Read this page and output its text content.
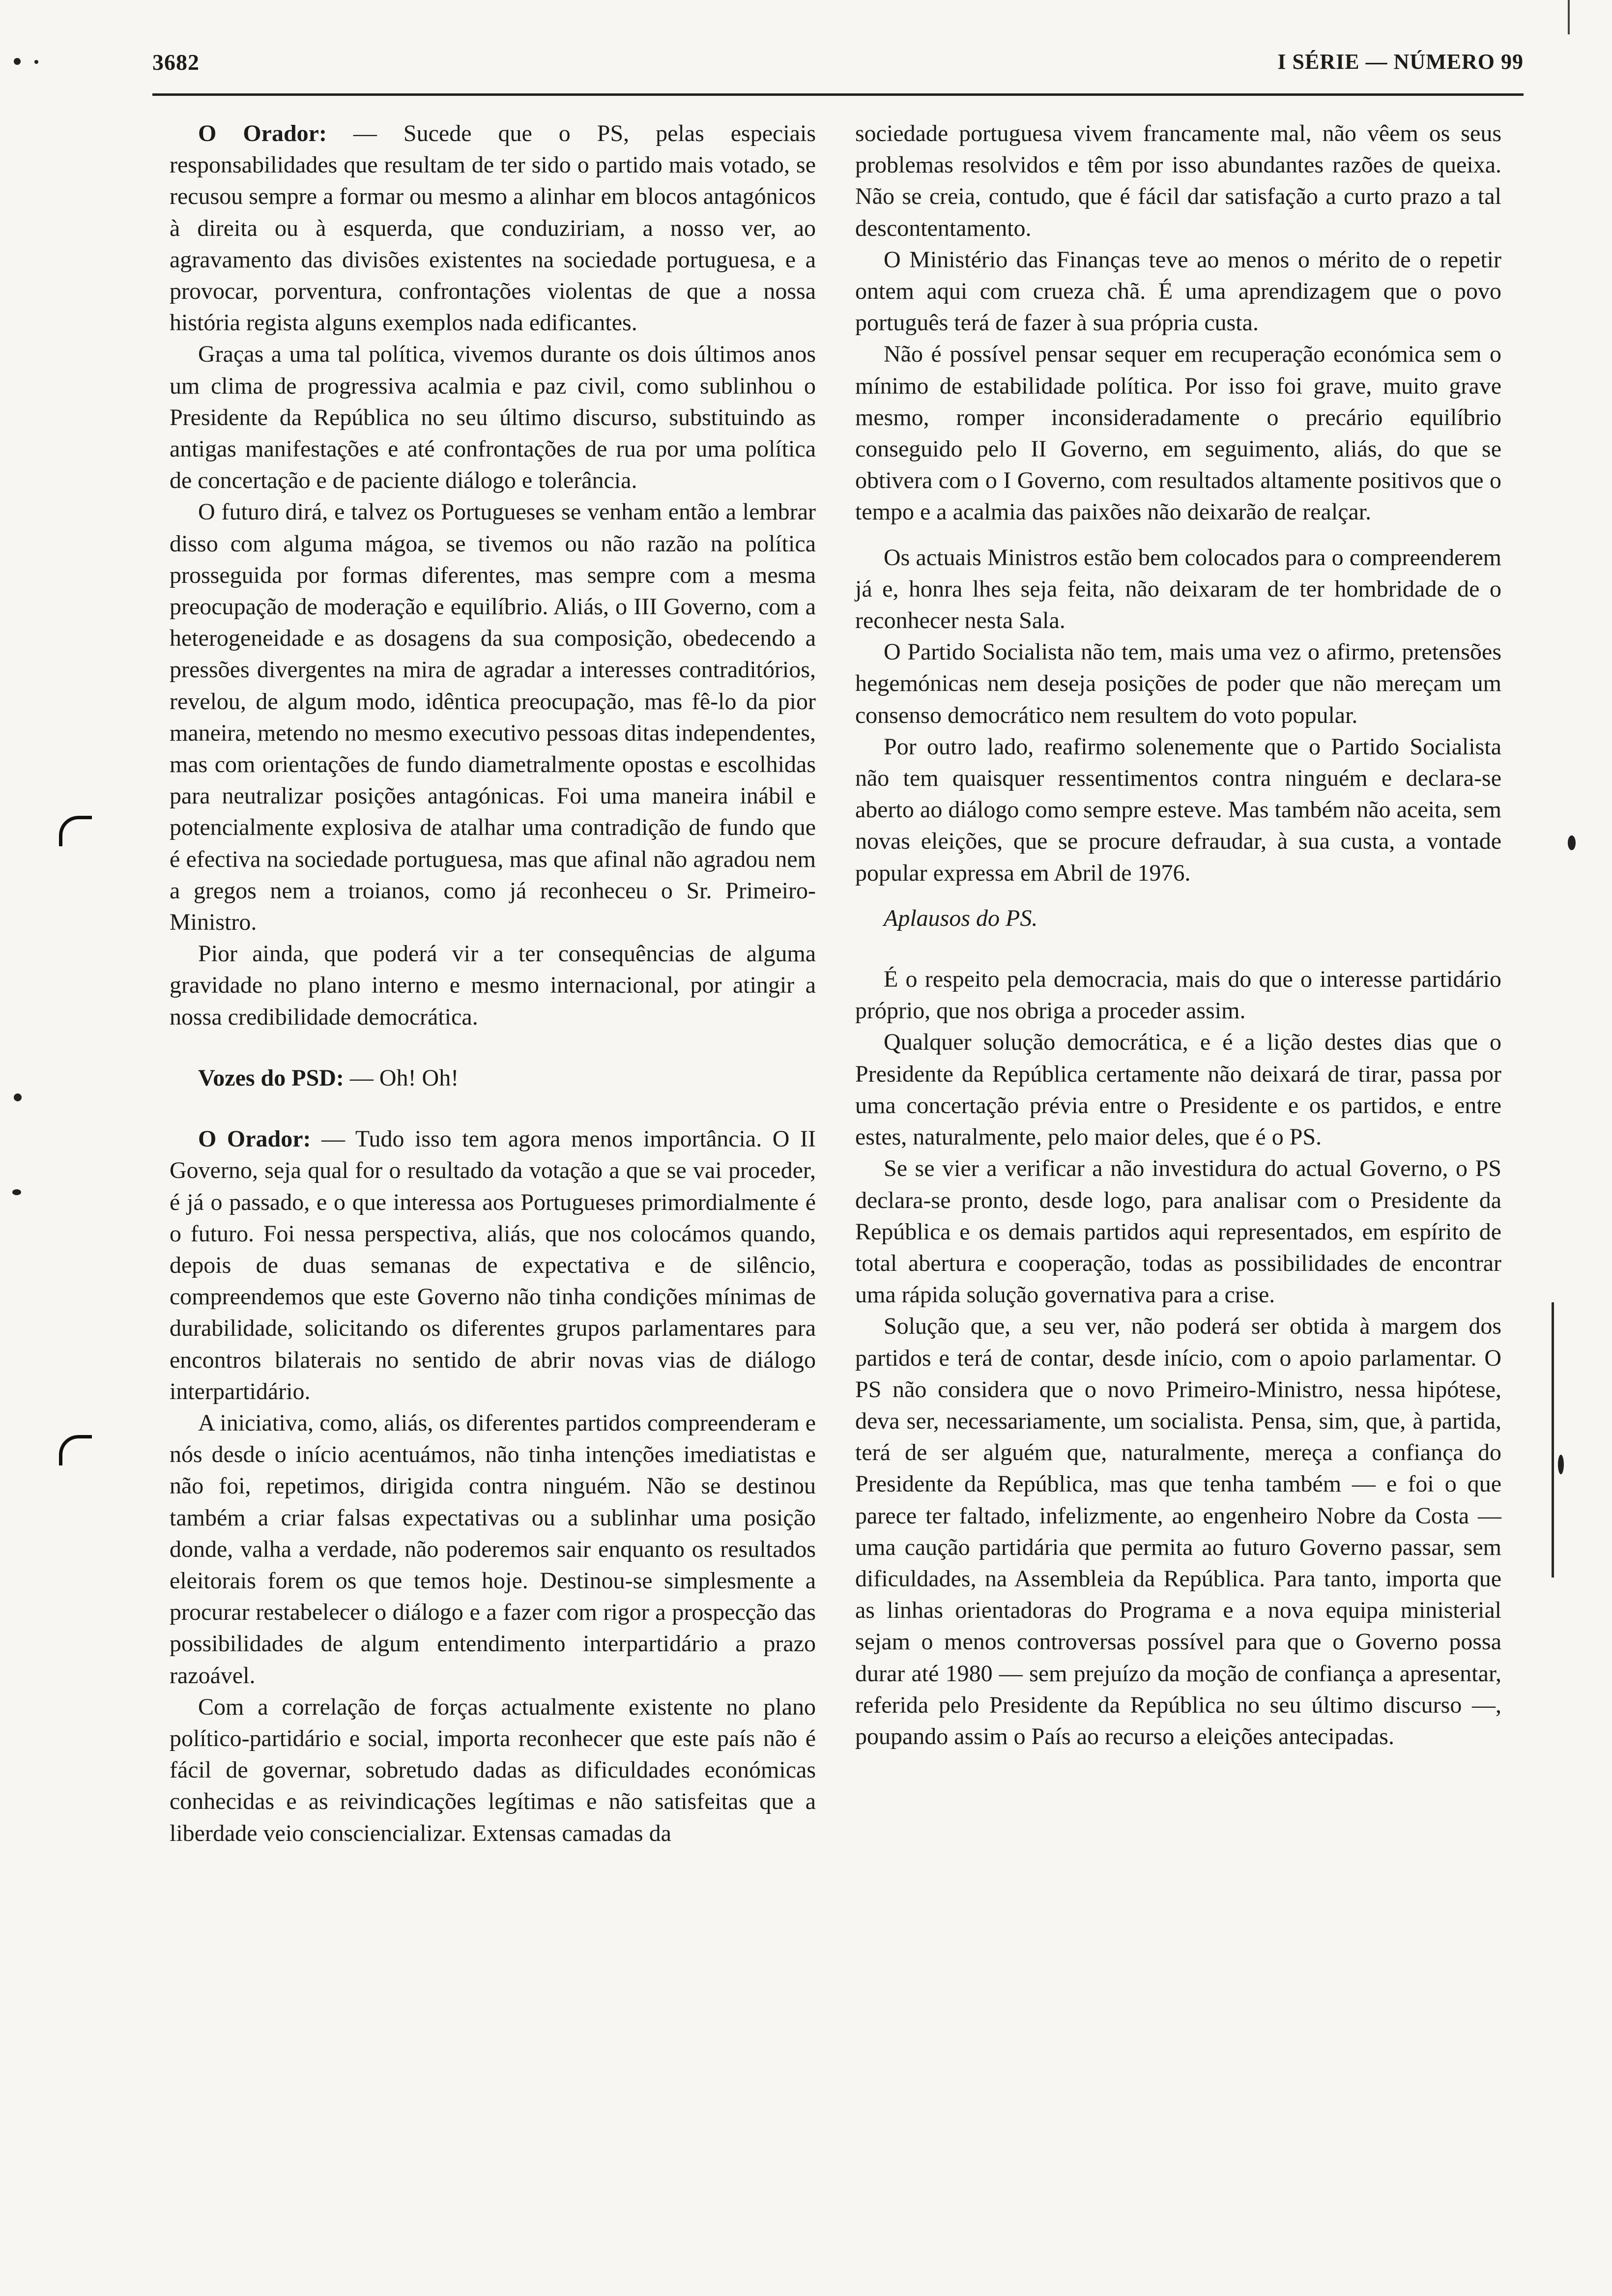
3682	I SÉRIE — NÚMERO 99

O Orador: — Sucede que o PS, pelas especiais responsabilidades que resultam de ter sido o partido mais votado, se recusou sempre a formar ou mesmo a alinhar em blocos antagónicos à direita ou à esquerda, que conduziriam, a nosso ver, ao agravamento das divisões existentes na sociedade portuguesa, e a provocar, porventura, confrontações violentas de que a nossa história regista alguns exemplos nada edificantes.

Graças a uma tal política, vivemos durante os dois últimos anos um clima de progressiva acalmia e paz civil, como sublinhou o Presidente da República no seu último discurso, substituindo as antigas manifestações e até confrontações de rua por uma política de concertação e de paciente diálogo e tolerância.

O futuro dirá, e talvez os Portugueses se venham então a lembrar disso com alguma mágoa, se tivemos ou não razão na política prosseguida por formas diferentes, mas sempre com a mesma preocupação de moderação e equilíbrio. Aliás, o III Governo, com a heterogeneidade e as dosagens da sua composição, obedecendo a pressões divergentes na mira de agradar a interesses contraditórios, revelou, de algum modo, idêntica preocupação, mas fê-lo da pior maneira, metendo no mesmo executivo pessoas ditas independentes, mas com orientações de fundo diametralmente opostas e escolhidas para neutralizar posições antagónicas. Foi uma maneira inábil e potencialmente explosiva de atalhar uma contradição de fundo que é efectiva na sociedade portuguesa, mas que afinal não agradou nem a gregos nem a troianos, como já reconheceu o Sr. Primeiro-Ministro.

Pior ainda, que poderá vir a ter consequências de alguma gravidade no plano interno e mesmo internacional, por atingir a nossa credibilidade democrática.

Vozes do PSD: — Oh! Oh!

O Orador: — Tudo isso tem agora menos importância. O II Governo, seja qual for o resultado da votação a que se vai proceder, é já o passado, e o que interessa aos Portugueses primordialmente é o futuro. Foi nessa perspectiva, aliás, que nos colocámos quando, depois de duas semanas de expectativa e de silêncio, compreendemos que este Governo não tinha condições mínimas de durabilidade, solicitando os diferentes grupos parlamentares para encontros bilaterais no sentido de abrir novas vias de diálogo interpartidário.

A iniciativa, como, aliás, os diferentes partidos compreenderam e nós desde o início acentuámos, não tinha intenções imediatistas e não foi, repetimos, dirigida contra ninguém. Não se destinou também a criar falsas expectativas ou a sublinhar uma posição donde, valha a verdade, não poderemos sair enquanto os resultados eleitorais forem os que temos hoje. Destinou-se simplesmente a procurar restabelecer o diálogo e a fazer com rigor a prospecção das possibilidades de algum entendimento interpartidário a prazo razoável.

Com a correlação de forças actualmente existente no plano político-partidário e social, importa reconhecer que este país não é fácil de governar, sobretudo dadas as dificuldades económicas conhecidas e as reivindicações legítimas e não satisfeitas que a liberdade veio consciencializar. Extensas camadas da

sociedade portuguesa vivem francamente mal, não vêem os seus problemas resolvidos e têm por isso abundantes razões de queixa. Não se creia, contudo, que é fácil dar satisfação a curto prazo a tal descontentamento.

O Ministério das Finanças teve ao menos o mérito de o repetir ontem aqui com crueza chã. É uma aprendizagem que o povo português terá de fazer à sua própria custa.

Não é possível pensar sequer em recuperação económica sem o mínimo de estabilidade política. Por isso foi grave, muito grave mesmo, romper inconsideradamente o precário equilíbrio conseguido pelo II Governo, em seguimento, aliás, do que se obtivera com o I Governo, com resultados altamente positivos que o tempo e a acalmia das paixões não deixarão de realçar.

Os actuais Ministros estão bem colocados para o compreenderem já e, honra lhes seja feita, não deixaram de ter hombridade de o reconhecer nesta Sala.

O Partido Socialista não tem, mais uma vez o afirmo, pretensões hegemónicas nem deseja posições de poder que não mereçam um consenso democrático nem resultem do voto popular.

Por outro lado, reafirmo solenemente que o Partido Socialista não tem quaisquer ressentimentos contra ninguém e declara-se aberto ao diálogo como sempre esteve. Mas também não aceita, sem novas eleições, que se procure defraudar, à sua custa, a vontade popular expressa em Abril de 1976.

Aplausos do PS.

É o respeito pela democracia, mais do que o interesse partidário próprio, que nos obriga a proceder assim.

Qualquer solução democrática, e é a lição destes dias que o Presidente da República certamente não deixará de tirar, passa por uma concertação prévia entre o Presidente e os partidos, e entre estes, naturalmente, pelo maior deles, que é o PS.

Se se vier a verificar a não investidura do actual Governo, o PS declara-se pronto, desde logo, para analisar com o Presidente da República e os demais partidos aqui representados, em espírito de total abertura e cooperação, todas as possibilidades de encontrar uma rápida solução governativa para a crise.

Solução que, a seu ver, não poderá ser obtida à margem dos partidos e terá de contar, desde início, com o apoio parlamentar. O PS não considera que o novo Primeiro-Ministro, nessa hipótese, deva ser, necessariamente, um socialista. Pensa, sim, que, à partida, terá de ser alguém que, naturalmente, mereça a confiança do Presidente da República, mas que tenha também — e foi o que parece ter faltado, infelizmente, ao engenheiro Nobre da Costa — uma caução partidária que permita ao futuro Governo passar, sem dificuldades, na Assembleia da República. Para tanto, importa que as linhas orientadoras do Programa e a nova equipa ministerial sejam o menos controversas possível para que o Governo possa durar até 1980 — sem prejuízo da moção de confiança a apresentar, referida pelo Presidente da República no seu último discurso —, poupando assim o País ao recurso a eleições antecipadas.
